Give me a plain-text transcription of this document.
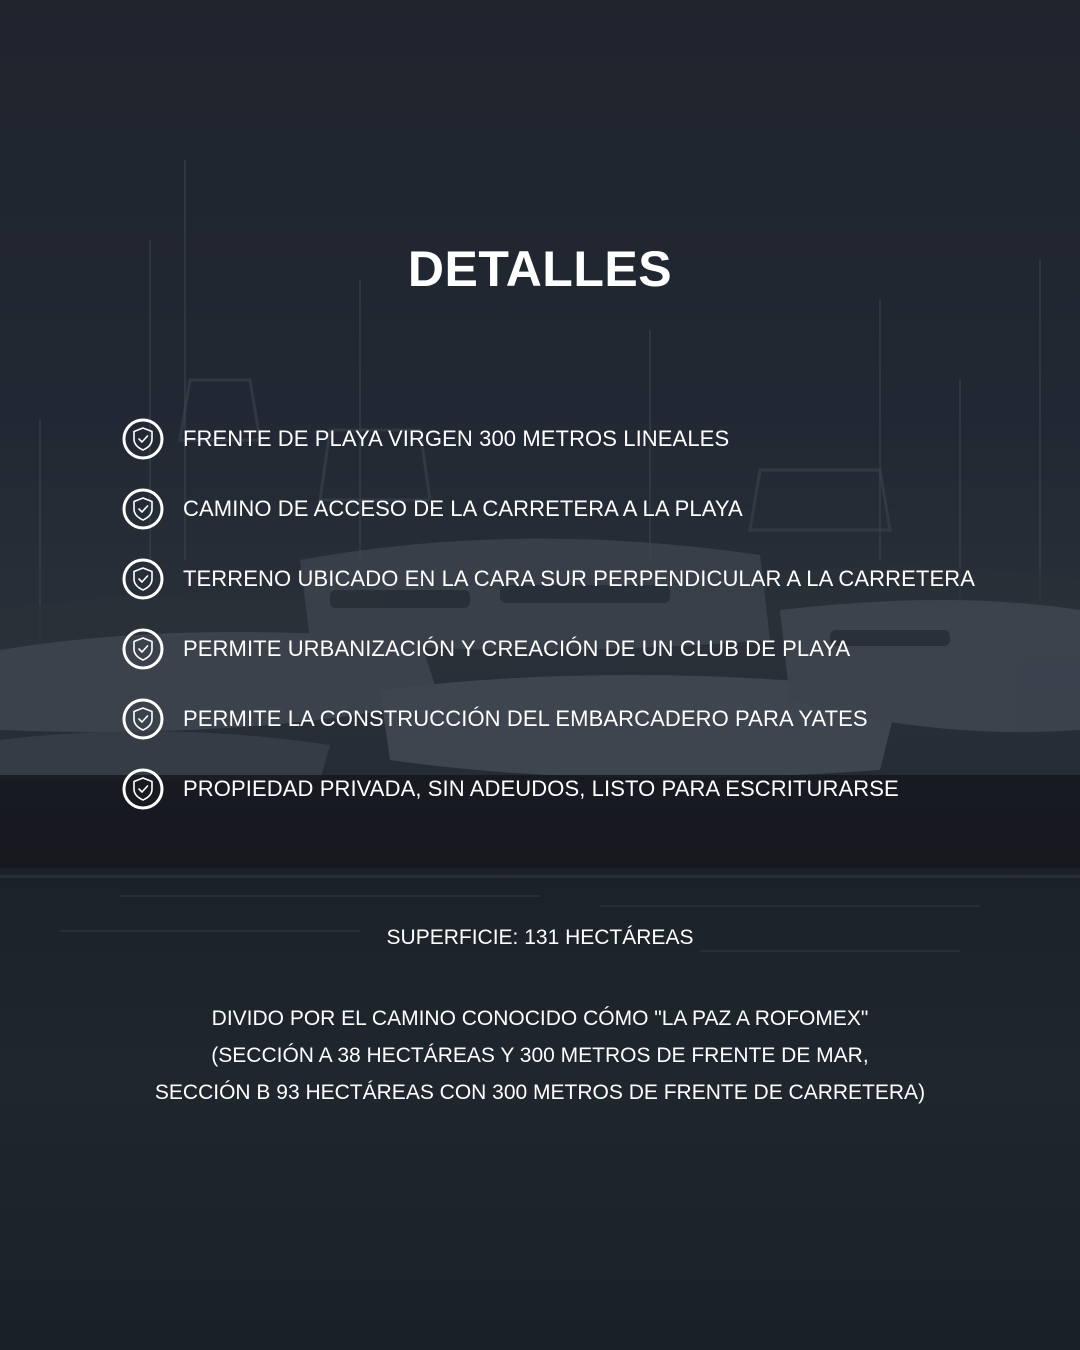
DETALLES
FRENTE DE PLAYA VIRGEN 300 METROS LINEALES
CAMINO DE ACCESO DE LA CARRETERA A LA PLAYA
TERRENO UBICADO EN LA CARA SUR PERPENDICULAR A LA CARRETERA
PERMITE URBANIZACIÓN Y CREACIÓN DE UN CLUB DE PLAYA
PERMITE LA CONSTRUCCIÓN DEL EMBARCADERO PARA YATES
PROPIEDAD PRIVADA, SIN ADEUDOS, LISTO PARA ESCRITURARSE
SUPERFICIE: 131 HECTÁREAS
DIVIDO POR EL CAMINO CONOCIDO CÓMO "LA PAZ A ROFOMEX"
(SECCIÓN A 38 HECTÁREAS Y 300 METROS DE FRENTE DE MAR,
SECCIÓN B 93 HECTÁREAS CON 300 METROS DE FRENTE DE CARRETERA)
